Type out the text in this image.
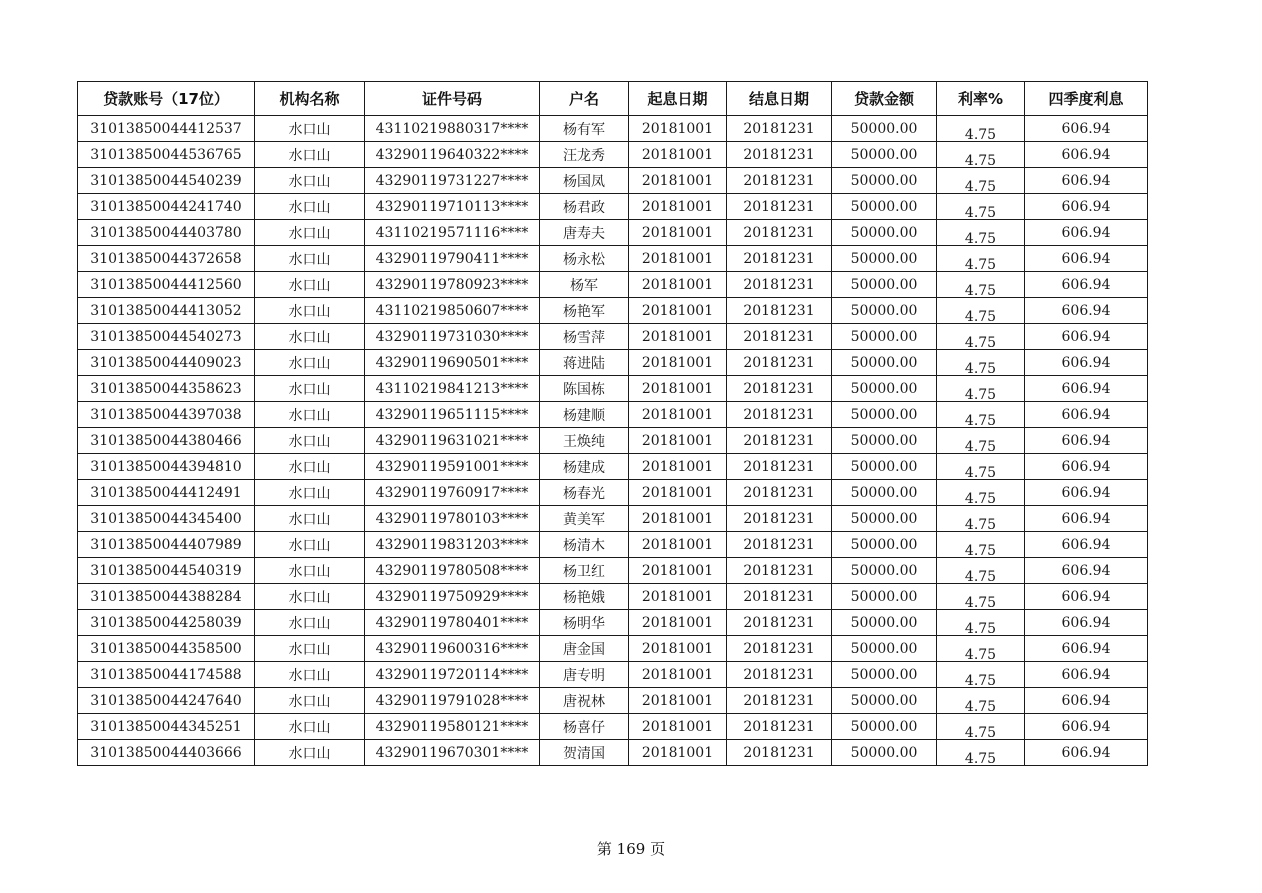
贷款账号（17位）	机构名称	证件号码	户名	起息日期	结息日期	贷款金额	利率%	四季度利息
31013850044412537	水口山	43110219880317****	杨有军	20181001	20181231	50000.00	4.75	606.94
31013850044536765	水口山	43290119640322****	汪龙秀	20181001	20181231	50000.00	4.75	606.94
31013850044540239	水口山	43290119731227****	杨国凤	20181001	20181231	50000.00	4.75	606.94
31013850044241740	水口山	43290119710113****	杨君政	20181001	20181231	50000.00	4.75	606.94
31013850044403780	水口山	43110219571116****	唐寿夫	20181001	20181231	50000.00	4.75	606.94
31013850044372658	水口山	43290119790411****	杨永松	20181001	20181231	50000.00	4.75	606.94
31013850044412560	水口山	43290119780923****	杨军	20181001	20181231	50000.00	4.75	606.94
31013850044413052	水口山	43110219850607****	杨艳军	20181001	20181231	50000.00	4.75	606.94
31013850044540273	水口山	43290119731030****	杨雪萍	20181001	20181231	50000.00	4.75	606.94
31013850044409023	水口山	43290119690501****	蒋进陆	20181001	20181231	50000.00	4.75	606.94
31013850044358623	水口山	43110219841213****	陈国栋	20181001	20181231	50000.00	4.75	606.94
31013850044397038	水口山	43290119651115****	杨建顺	20181001	20181231	50000.00	4.75	606.94
31013850044380466	水口山	43290119631021****	王焕纯	20181001	20181231	50000.00	4.75	606.94
31013850044394810	水口山	43290119591001****	杨建成	20181001	20181231	50000.00	4.75	606.94
31013850044412491	水口山	43290119760917****	杨春光	20181001	20181231	50000.00	4.75	606.94
31013850044345400	水口山	43290119780103****	黄美军	20181001	20181231	50000.00	4.75	606.94
31013850044407989	水口山	43290119831203****	杨清木	20181001	20181231	50000.00	4.75	606.94
31013850044540319	水口山	43290119780508****	杨卫红	20181001	20181231	50000.00	4.75	606.94
31013850044388284	水口山	43290119750929****	杨艳娥	20181001	20181231	50000.00	4.75	606.94
31013850044258039	水口山	43290119780401****	杨明华	20181001	20181231	50000.00	4.75	606.94
31013850044358500	水口山	43290119600316****	唐金国	20181001	20181231	50000.00	4.75	606.94
31013850044174588	水口山	43290119720114****	唐专明	20181001	20181231	50000.00	4.75	606.94
31013850044247640	水口山	43290119791028****	唐祝林	20181001	20181231	50000.00	4.75	606.94
31013850044345251	水口山	43290119580121****	杨喜仔	20181001	20181231	50000.00	4.75	606.94
31013850044403666	水口山	43290119670301****	贺清国	20181001	20181231	50000.00	4.75	606.94
第 169 页
